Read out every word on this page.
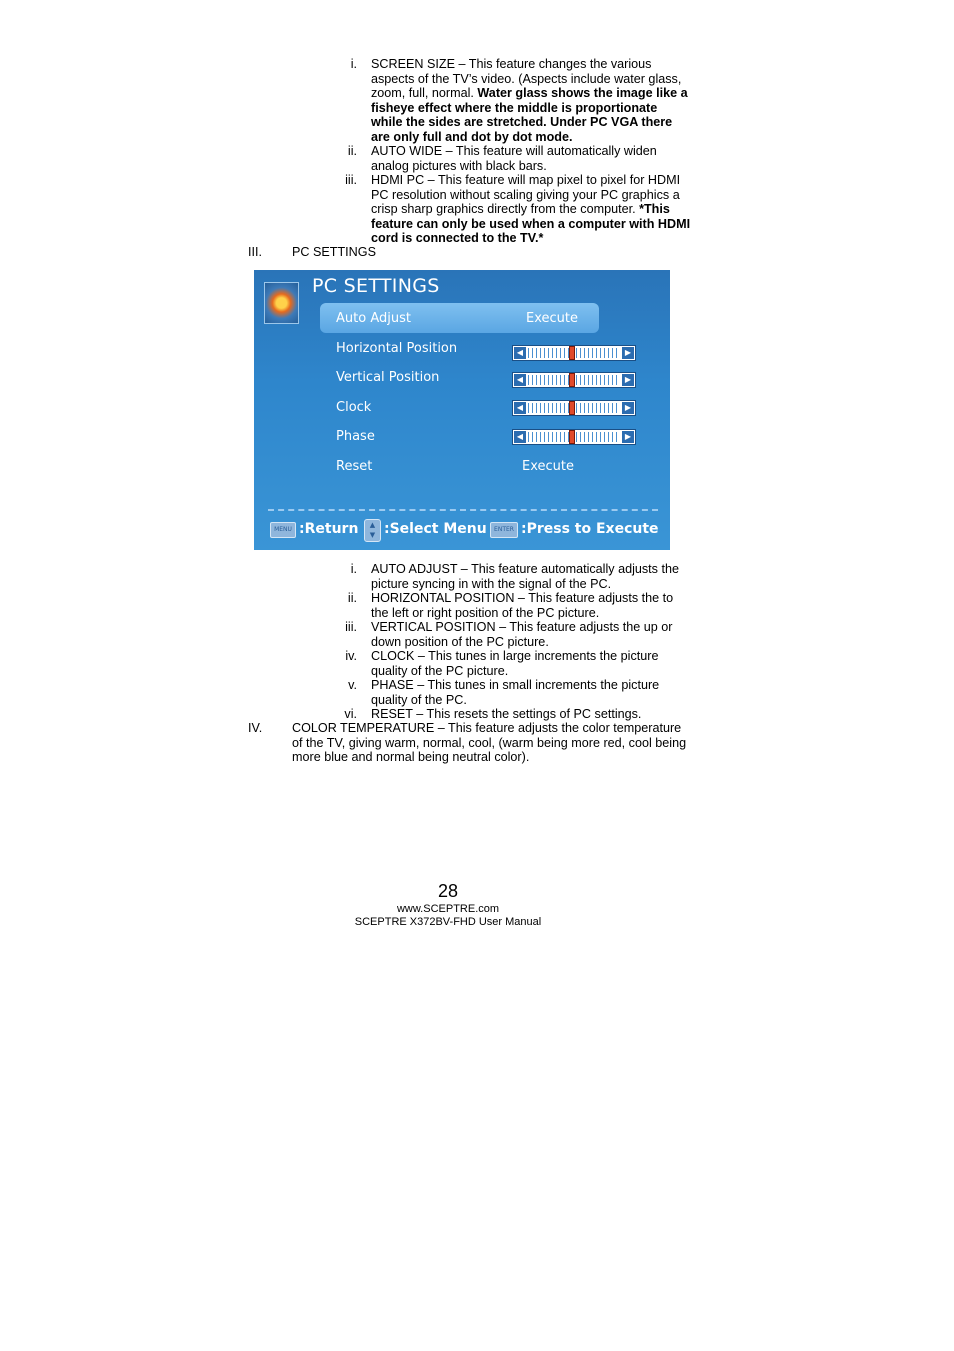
i. SCREEN SIZE – This feature changes the various
aspects of the TV’s video. (Aspects include water glass,
zoom, full, normal. Water glass shows the image like a
fisheye effect where the middle is proportionate
while the sides are stretched. Under PC VGA there
are only full and dot by dot mode.
ii. AUTO WIDE – This feature will automatically widen
analog pictures with black bars.
iii. HDMI PC – This feature will map pixel to pixel for HDMI
PC resolution without scaling giving your PC graphics a
crisp sharp graphics directly from the computer. *This
feature can only be used when a computer with HDMI
cord is connected to the TV.*
III. PC SETTINGS
PC SETTINGS
Auto Adjust	Execute
Horizontal Position	◀	▶
Vertical Position	◀	▶
Clock	◀	▶
Phase	◀	▶
Reset	Execute
MENU :Return	▲
▼ :Select Menu	ENTER :Press to Execute
i. AUTO ADJUST – This feature automatically adjusts the
picture syncing in with the signal of the PC.
ii. HORIZONTAL POSITION – This feature adjusts the to
the left or right position of the PC picture.
iii. VERTICAL POSITION – This feature adjusts the up or
down position of the PC picture.
iv. CLOCK – This tunes in large increments the picture
quality of the PC picture.
v. PHASE – This tunes in small increments the picture
quality of the PC.
vi. RESET – This resets the settings of PC settings.
IV. COLOR TEMPERATURE – This feature adjusts the color temperature
of the TV, giving warm, normal, cool, (warm being more red, cool being
more blue and normal being neutral color).
28
www.SCEPTRE.com
SCEPTRE X372BV-FHD User Manual
